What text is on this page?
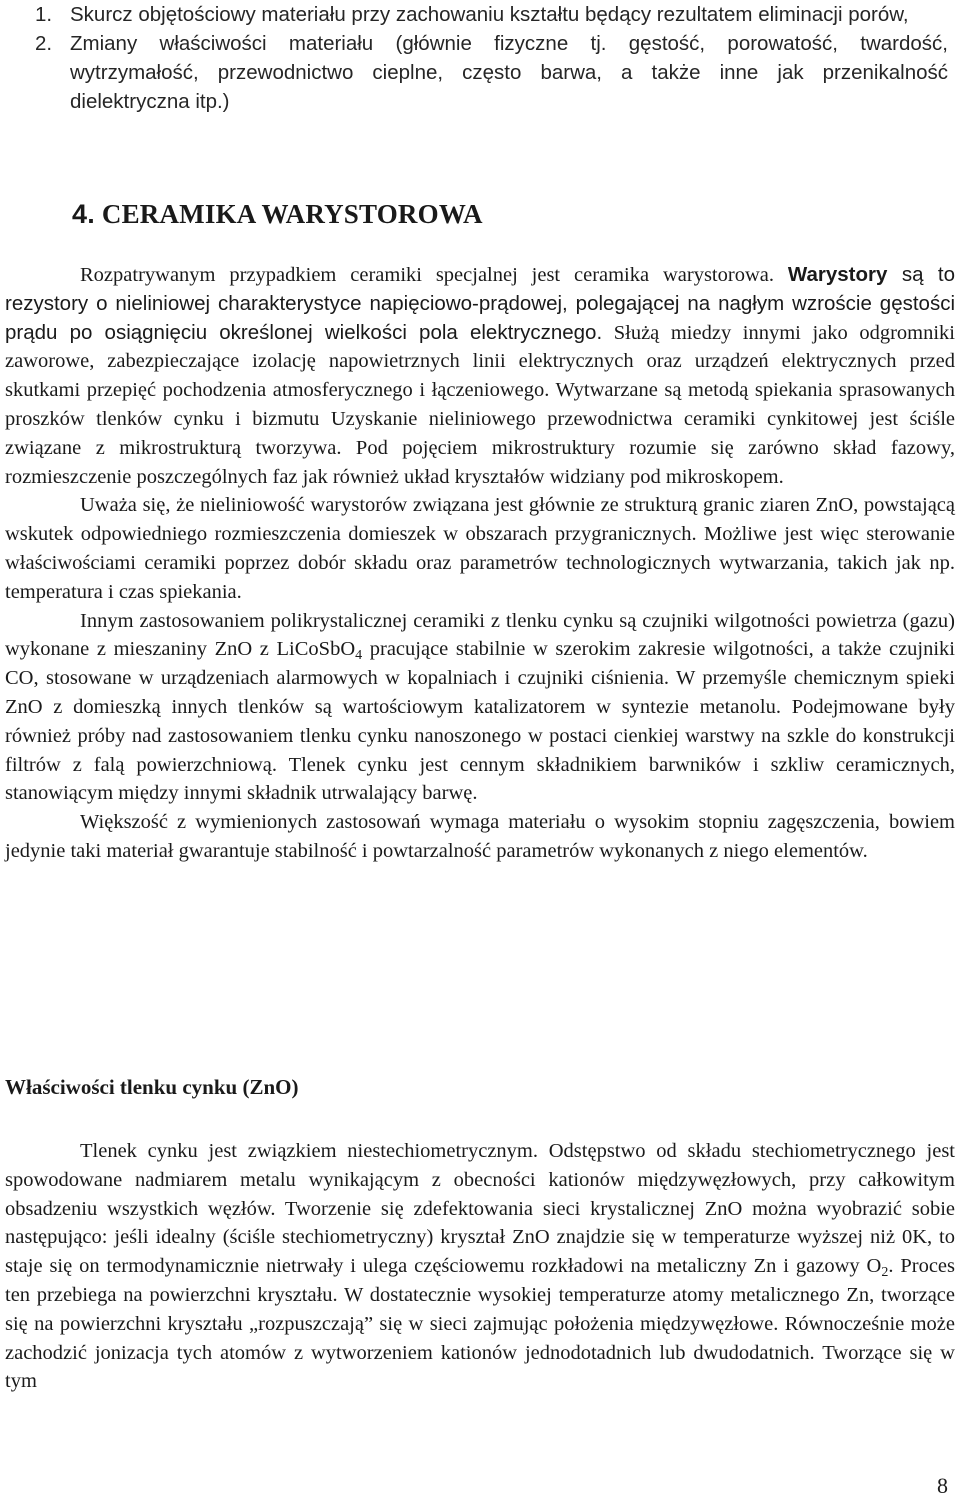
1. Skurcz objętościowy materiału przy zachowaniu kształtu będący rezultatem eliminacji porów,
2. Zmiany właściwości materiału (głównie fizyczne tj. gęstość, porowatość, twardość, wytrzymałość, przewodnictwo cieplne, często barwa, a także inne jak przenikalność dielektryczna itp.)
4. CERAMIKA WARYSTOROWA

Rozpatrywanym przypadkiem ceramiki specjalnej jest ceramika warystorowa. Warystory są to rezystory o nieliniowej charakterystyce napięciowo-prądowej, polegającej na nagłym wzroście gęstości prądu po osiągnięciu określonej wielkości pola elektrycznego. Służą miedzy innymi jako odgromniki zaworowe, zabezpieczające izolację napowietrznych linii elektrycznych oraz urządzeń elektrycznych przed skutkami przepięć pochodzenia atmosferycznego i łączeniowego. Wytwarzane są metodą spiekania sprasowanych proszków tlenków cynku i bizmutu Uzyskanie nieliniowego przewodnictwa ceramiki cynkitowej jest ściśle związane z mikrostrukturą tworzywa. Pod pojęciem mikrostruktury rozumie się zarówno skład fazowy, rozmieszczenie poszczególnych faz jak również układ kryształów widziany pod mikroskopem.

Uważa się, że nieliniowość warystorów związana jest głównie ze strukturą granic ziaren ZnO, powstającą wskutek odpowiedniego rozmieszczenia domieszek w obszarach przygranicznych. Możliwe jest więc sterowanie właściwościami ceramiki poprzez dobór składu oraz parametrów technologicznych wytwarzania, takich jak np. temperatura i czas spiekania.

Innym zastosowaniem polikrystalicznej ceramiki z tlenku cynku są czujniki wilgotności powietrza (gazu) wykonane z mieszaniny ZnO z LiCoSbO$_4$ pracujące stabilnie w szerokim zakresie wilgotności, a także czujniki CO, stosowane w urządzeniach alarmowych w kopalniach i czujniki ciśnienia. W przemyśle chemicznym spieki ZnO z domieszką innych tlenków są wartościowym katalizatorem w syntezie metanolu. Podejmowane były również próby nad zastosowaniem tlenku cynku nanoszonego w postaci cienkiej warstwy na szkle do konstrukcji filtrów z falą powierzchniową. Tlenek cynku jest cennym składnikiem barwników i szkliw ceramicznych, stanowiącym między innymi składnik utrwalający barwę.

Większość z wymienionych zastosowań wymaga materiału o wysokim stopniu zagęszczenia, bowiem jedynie taki materiał gwarantuje stabilność i powtarzalność parametrów wykonanych z niego elementów.

Właściwości tlenku cynku (ZnO)

Tlenek cynku jest związkiem niestechiometrycznym. Odstępstwo od składu stechiometrycznego jest spowodowane nadmiarem metalu wynikającym z obecności kationów międzywęzłowych, przy całkowitym obsadzeniu wszystkich węzłów. Tworzenie się zdefektowania sieci krystalicznej ZnO można wyobrazić sobie następująco: jeśli idealny (ściśle stechiometryczny) kryształ ZnO znajdzie się w temperaturze wyższej niż 0K, to staje się on termodynamicznie nietrwały i ulega częściowemu rozkładowi na metaliczny Zn i gazowy $O_2$. Proces ten przebiega na powierzchni kryształu. W dostatecznie wysokiej temperaturze atomy metalicznego Zn, tworzące się na powierzchni kryształu „rozpuszczają” się w sieci zajmując położenia międzywęzłowe. Równocześnie może zachodzić jonizacja tych atomów z wytworzeniem kationów jednodotadnich lub dwudodatnich. Tworzące się w tym

8
